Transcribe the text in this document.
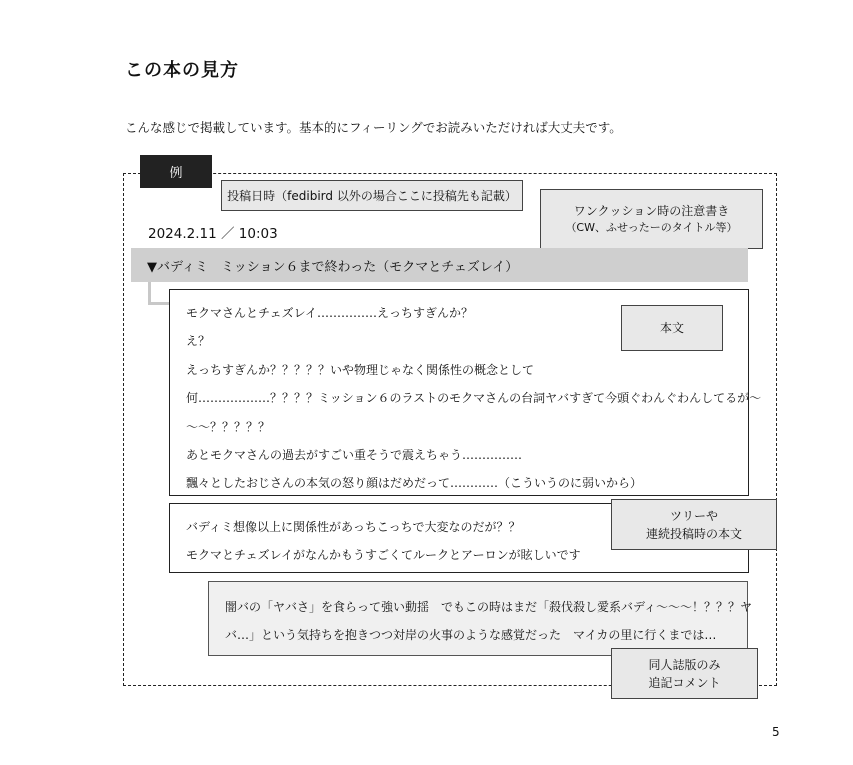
この本の見方
こんな感じで掲載しています。基本的にフィーリングでお読みいただければ大丈夫です。
例
投稿日時（fedibird 以外の場合ここに投稿先も記載）
ワンクッション時の注意書き
（CW、ふせったーのタイトル等）
2024.2.11 ／ 10:03
▼バディミ　ミッション６まで終わった（モクマとチェズレイ）
モクマさんとチェズレイ……………えっちすぎんか？
え？
えっちすぎんか？？？？？いや物理じゃなく関係性の概念として
何………………？？？？ミッション６のラストのモクマさんの台詞ヤバすぎて今頭ぐわんぐわんしてるが〜
〜〜？？？？？
あとモクマさんの過去がすごい重そうで震えちゃう……………
飄々としたおじさんの本気の怒り顔はだめだって…………（こういうのに弱いから）
本文
バディミ想像以上に関係性があっちこっちで大変なのだが？？
モクマとチェズレイがなんかもうすごくてルークとアーロンが眩しいです
ツリーや
連続投稿時の本文
闇バの「ヤバさ」を食らって強い動揺　でもこの時はまだ「殺伐殺し愛系バディ〜〜〜！？？？ヤ
バ…」という気持ちを抱きつつ対岸の火事のような感覚だった　マイカの里に行くまでは…
同人誌版のみ
追記コメント
5
